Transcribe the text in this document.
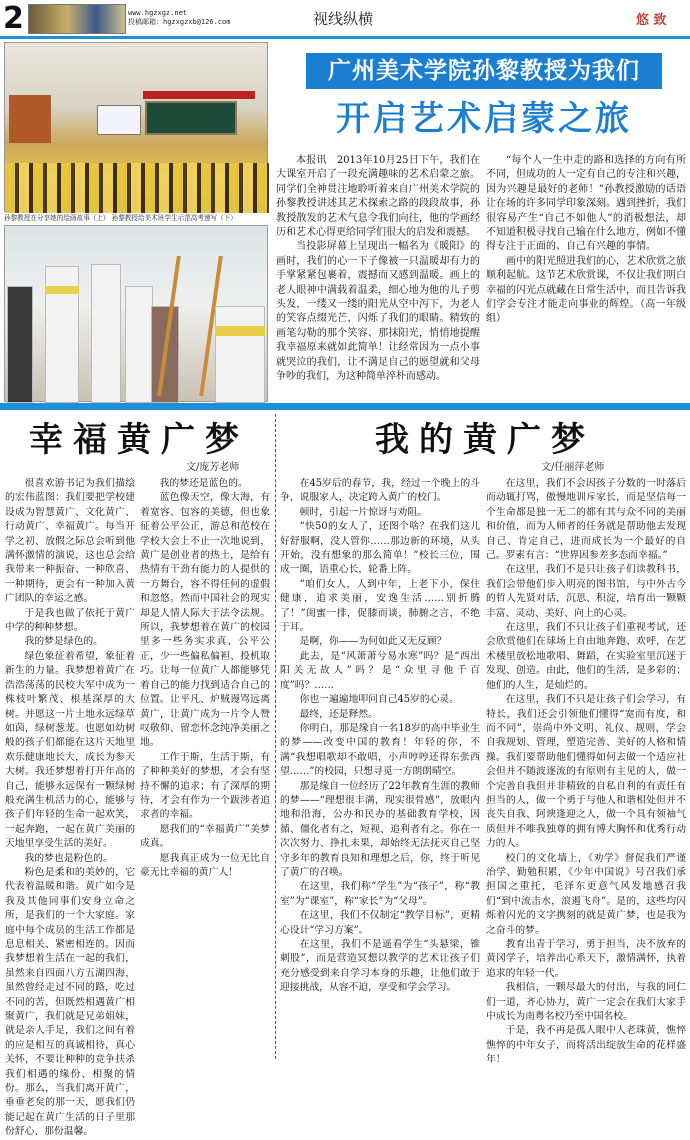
2	www.hgzxgz.net
投稿邮箱：hgzxgzxb@126.com	视线纵横	悠 致
孙黎教授在分享她的绘画故事（上） 孙黎教授给美术班学生示范高考速写（下）
广州美术学院孙黎教授为我们
开启艺术启蒙之旅

本报讯　2013年10月25日下午，我们在大课室开启了一段充满趣味的艺术启蒙之旅。同学们全神贯注地聆听着来自广州美术学院的孙黎教授讲述其艺术探索之路的段段故事，孙教授散发的艺术气息令我们向往，他的学画经历和艺术心得更给同学们很大的启发和震撼。

当投影屏幕上呈现出一幅名为《暖阳》的画时，我们的心一下子像被一只温暖却有力的手掌紧紧包裹着，震撼而又感到温暖。画上的老人眼神中满载着温柔，细心地为他的儿子剪头发，一缕又一缕的阳光从空中泻下，为老人的笑容点缀光芒，闪烁了我们的眼睛。精致的画笔勾勒的那个笑容、那抹阳光，悄悄地提醒我幸福原来就如此简单！让经常因为一点小事就哭泣的我们，让不满足自己的愿望就和父母争吵的我们，为这种简单淬朴而感动。

“每个人一生中走的路和选择的方向有所不同，但成功的人一定有自己的专注和兴趣，因为兴趣是最好的老师！”孙教授激励的话语让在场的许多同学印象深刻。遇到挫折，我们很容易产生“自己不如他人”的消极想法，却不知道积极寻找自己输在什么地方，例如不懂得专注于正面的、自己有兴趣的事情。

画中的阳光照进我们的心，艺术欣赏之旅顺利起航。这节艺术欣赏课，不仅让我们明白幸福的闪光点就藏在日常生活中，而且告诉我们学会专注才能走向事业的辉煌。（高一年级组）

幸福黄广梦
文/庞芳老师

很喜欢游书记为我们描绘的宏伟蓝图：我们要把学校建设成为智慧黄广、文化黄广、行动黄广、幸福黄广。每当开学之初、放假之际总会听到他满怀激情的演说，这也总会给我带来一种振奋、一种欣喜、一种期待，更会有一种加入黄广团队的幸运之感。

于是我也做了依托于黄广中学的种种梦想。

我的梦是绿色的。

绿色象征着希望，象征着新生的力量。我梦想着黄广在浩浩荡荡的民校大军中成为一株枝叶繁茂、根基深厚的大树。并愿这一片土地永远绿草如茵，绿树葱茏。也愿如幼树般的孩子们都能在这片天地里欢乐健康地长大，成长为参天大树。我还梦想着打开年高的自己，能够永远保有一颗绿树般充满生机活力的心，能够与孩子们年轻的生命一起欢笑，一起奔跑，一起在黄广美丽的天地里享受生活的美好。

我的梦也是粉色的。

粉色是柔和的美妙的，它代表着温暖和谐。黄广如今是我及其他同事们安身立命之所，是我们的一个大家庭。家庭中每个成员的生活工作都是息息相关、紧密相连的。因而我梦想着生活在一起的我们，虽然来自四面八方五湖四海，虽然曾经走过不同的路，吃过不同的苦，但既然相遇黄广相聚黄广，我们就是兄弟姐妹，就是亲人手足，我们之间有着的应是相互的真诚相待，真心关怀，不要让种种的竞争扶杀我们相遇的缘份、相聚的情份。那么，当我们离开黄广，垂垂老矣的那一天，愿我们仍能记起在黄广生活的日子里那份舒心、那份温馨。

我的梦还是蓝色的。

蓝色像天空，像大海，有着宽容、包容的美德，但也象征着公平公正，游总和范校在学校大会上不止一次地说到，黄广是创业者的热土，是给有热情有干劲有能力的人提供的一方舞台，容不得任何的虚假和忽悠。然而中国社会的现实却是人情人际大于法令法规。所以，我梦想着在黄广的校园里多一些务实求真、公平公正，少一些偏私偏袒、投机取巧。让每一位黄广人都能够凭着自己的能力找到适合自己的位置。让平凡、炉贼谩骂远离黄广，让黄广成为一片令人赞叹敬仰、留恋怀念纯净美丽之地。

工作于斯，生活于斯，有了种种美好的梦想，才会有坚持不懈的追求；有了深厚的期待，才会有作为一个跋涉者追求者的幸福。

愿我们的“幸福黄广”美梦成真。

愿我真正成为一位无比自豪无比幸福的黄广人！

我的黄广梦
文/任丽萍老师

在45岁后的春节，我，经过一个晚上的斗争，说服家人，决定跨入黄广的校门。

顿时，引起一片惊讶与劝阻。

“快50的女人了，还图个啥？在我们这儿好舒服啊，没人管你……那边新的环境，从头开始，没有想象的那么简单！”校长三位，围成一圈，语重心长，轮番上阵。

“咱们女人，人到中年，上老下小，保住健康，追求美丽，安逸生活……别折腾了！”闺蜜一排，促膝而谈，肺腑之言，不绝于耳。

是啊，你——为何如此又无反顾？

此去，是“风萧萧兮易水寒”吗？是“西出阳关无故人”吗？是“众里寻他千百度”吗？……

你也一遍遍地叩问自己45岁的心灵。

最终，还是释然。

你明白，那是缘自一名18岁的高中毕业生的梦——改变中国的教育！年轻的你，不满“我想唱歌却不敢唱，小声哼哼还得东张西望……”的校园，只想寻觅一方朗朗晴空。

那是缘自一位经历了22年教育生涯的教师的梦——“理想很丰满，现实很骨感”，放眼内地和沿海，公办和民办的基础教育学校，因循、僵化者有之，短视、追利者有之。你在一次次努力、挣扎未果，却始终无法抚灭自己坚守多年的教育良知和理想之后，你，终于听见了黄广的召唤。

在这里，我们称“学生”为“孩子”，称“教室”为“课室”，称“家长”为“父母”。

在这里，我们不仅制定“教学目标”，更精心设计“学习方案”。

在这里，我们不是遥看学生“头悬梁，锥刺股”，而是营造冥想以教学的艺术让孩子们充分感受到来自学习本身的乐趣，让他们敢于迎接挑战，从容不迫，享受和学会学习。

在这里，我们不会因孩子分数的一时落后而动辄打骂，傲慢地训斥家长，而是坚信每一个生命都是独一无二的都有其与众不同的美丽和价值，而为人师者的任务就是帮助他去发现自己、肯定自己，进而成长为一个最好的自己。罗素有言：“世界因参差多态而幸福。”

在这里，我们不是只让孩子们读教科书，我们会带他们步入明亮的图书馆，与中外古今的哲人先贤对话，沉思、积淀，培育出一颗颗丰富、灵动、美好、向上的心灵。

在这里，我们不只让孩子们重视考试，还会欣赏他们在球场上自由地奔跑、欢呼，在艺术楼里放松地歌唱、舞蹈，在实验室里沉迷于发现、创造。由此，他们的生活，是多彩的；他们的人生，是灿烂的。

在这里，我们不只是让孩子们会学习，有特长，我们还会引领他们懂得“宽而有度，和而不同”，崇尚中外文明、礼仪、规则，学会自我规划、管理，塑造完善、美好的人格和情操。我们要帮助他们懂得如何去做一个适应社会但并不随波逐流的有原则有主见的人，做一个完善自我但并非精致的自私自利的有责任有担当的人，做一个勇于与他人和谐相处但并不丧失自我、阿谀逢迎之人，做一个具有领袖气质但并不唯我独尊的拥有博大胸怀和优秀行动力的人。

校门的文化墙上，《劝学》督促我们严谨治学、勤勉积累，《少年中国说》号召我们承担国之重托，毛泽东更意气风发地感召我们“到中流击水，浪遏飞舟”。是的，这些均闪烁着闪光的文字携刻的就是黄广梦，也是我为之奋斗的梦。

教育出青于学习，勇于担当，决不放弃的黄冈学子，培养出心系天下，激情满怀，执着追求的年轻一代。

我相信，一颗尽最大的付出，与我的同仁们一道，齐心协力，黄广一定会在我们大家手中成长为南粤名校乃至中国名校。

于是，我不再是孤人眼中人老珠黄，憔悴憔悴的中年女子，而将活出绽放生命的花样盛年！
